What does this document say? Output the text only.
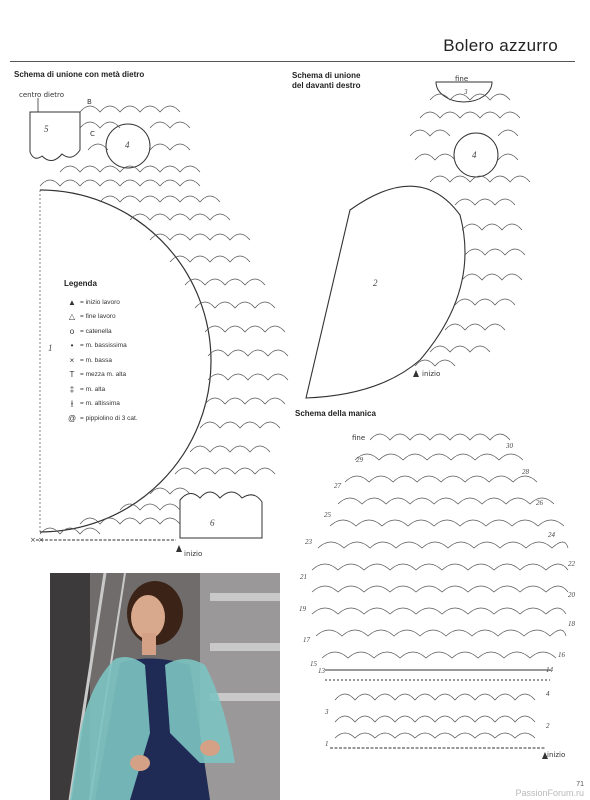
Bolero azzurro
Schema di unione con metà dietro
centro dietro
× ×
5
4
1
6
B
C
inizio
Legenda
▲ = inizio lavoro
△ = fine lavoro
o = catenella
•	= m. bassissima
× = m. bassa
T = mezza m. alta
‡ = m. alta
⫲	= m. altissima
@ = pippiolino di 3 cat.
Schema di unione
del davanti destro
fine
3
4
2
inizio
Schema della manica
fine
inizio
30
28
26
24
22
20
18
16
14
4
2
29
27
25
23
21
19
17
15
13
3
1
71
PassionForum.ru
